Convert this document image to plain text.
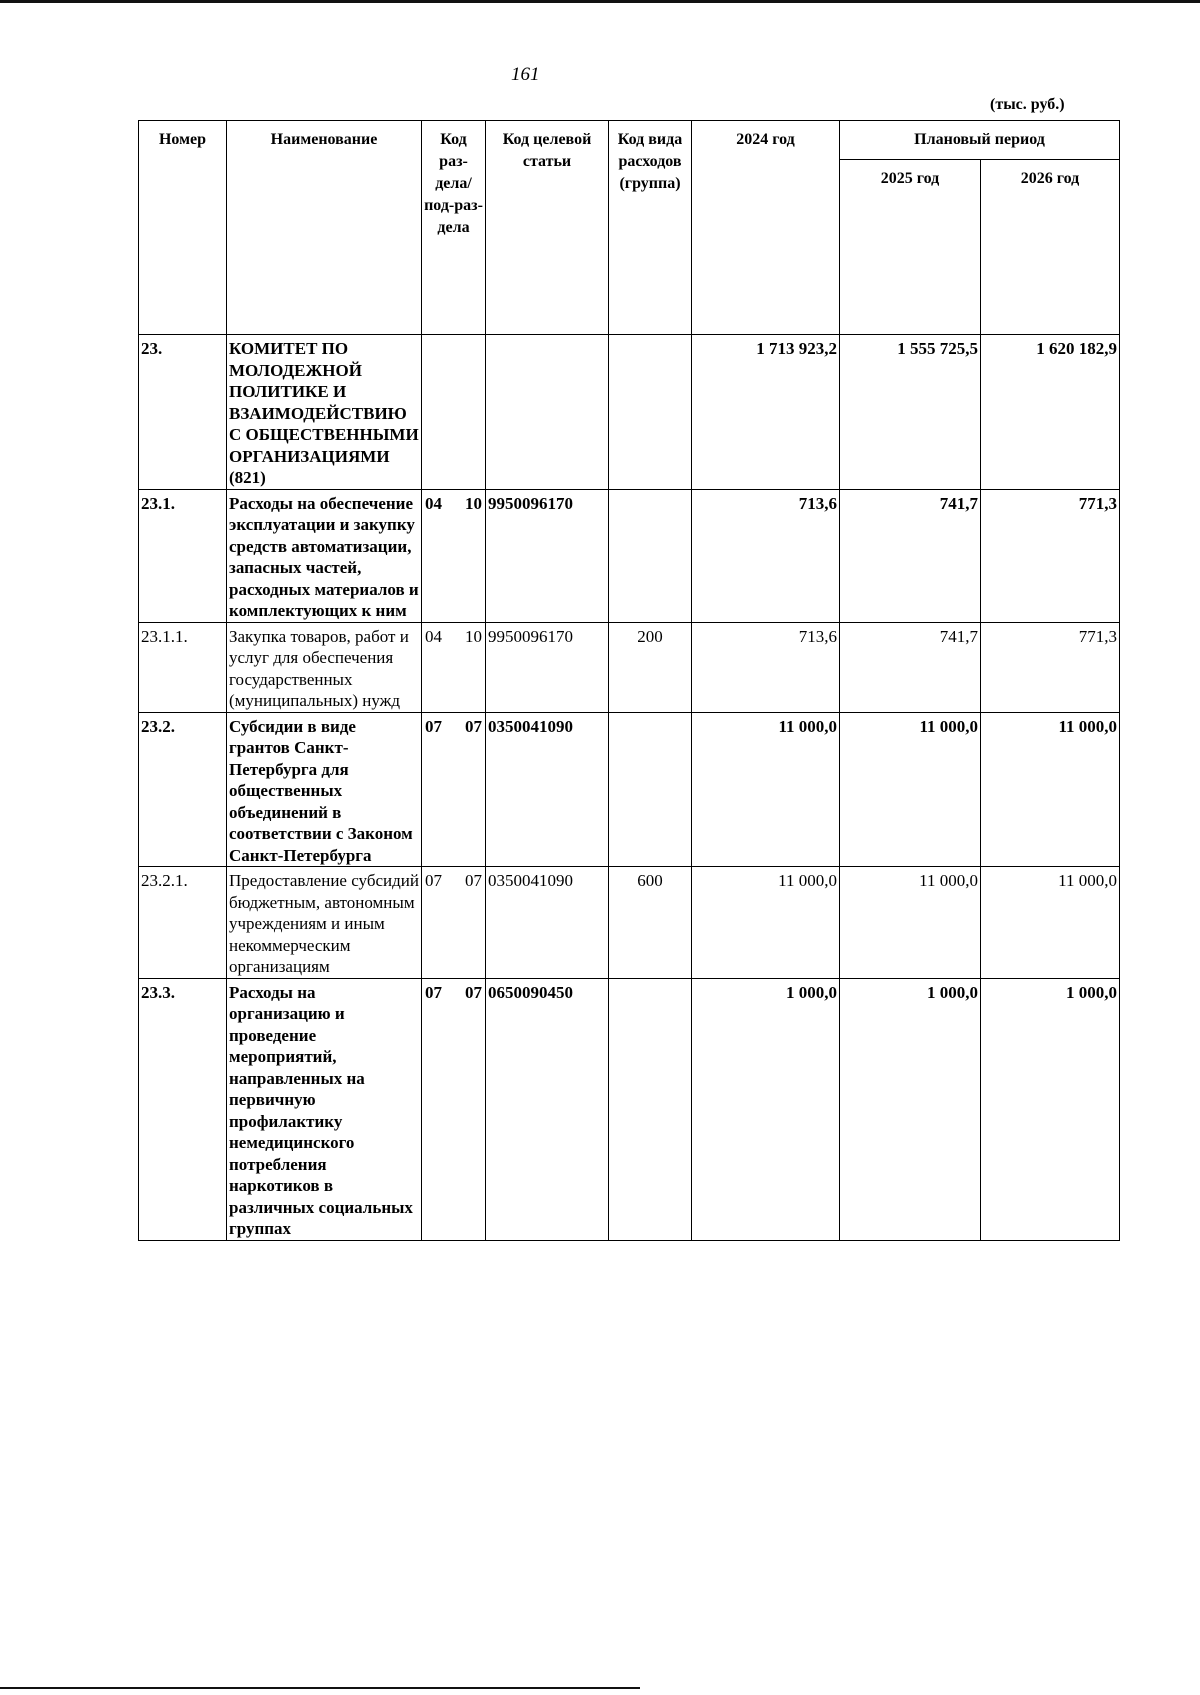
161
(тыс. руб.)
Номер	Наименование	Код раз-дела/ под-раз-дела	Код целевой статьи	Код вида расходов (группа)	2024 год	Плановый период	
						2025 год	2026 год
23.	КОМИТЕТ ПО МОЛОДЕЖНОЙ ПОЛИТИКЕ И ВЗАИМОДЕЙСТВИЮ С ОБЩЕСТВЕННЫМИ ОРГАНИЗАЦИЯМИ (821)				1 713 923,2	1 555 725,5	1 620 182,9
23.1.	Расходы на обеспечение эксплуатации и закупку средств автоматизации, запасных частей, расходных материалов и комплектующих к ним	04 10	9950096170		713,6	741,7	771,3
23.1.1.	Закупка товаров, работ и услуг для обеспечения государственных (муниципальных) нужд	04 10	9950096170	200	713,6	741,7	771,3
23.2.	Субсидии в виде грантов Санкт-Петербурга для общественных объединений в соответствии с Законом Санкт-Петербурга	07 07	0350041090		11 000,0	11 000,0	11 000,0
23.2.1.	Предоставление субсидий бюджетным, автономным учреждениям и иным некоммерческим организациям	07 07	0350041090	600	11 000,0	11 000,0	11 000,0
23.3.	Расходы на организацию и проведение мероприятий, направленных на первичную профилактику немедицинского потребления наркотиков в различных социальных группах	07 07	0650090450		1 000,0	1 000,0	1 000,0
